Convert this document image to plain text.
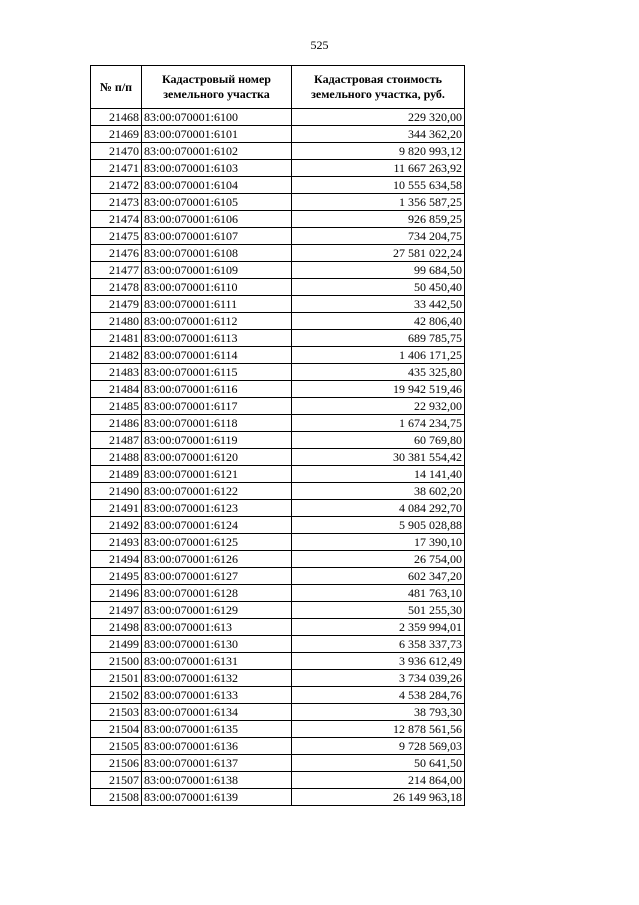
525
№ п/п	Кадастровый номер земельного участка	Кадастровая стоимость земельного участка, руб.
21468	83:00:070001:6100	229 320,00
21469	83:00:070001:6101	344 362,20
21470	83:00:070001:6102	9 820 993,12
21471	83:00:070001:6103	11 667 263,92
21472	83:00:070001:6104	10 555 634,58
21473	83:00:070001:6105	1 356 587,25
21474	83:00:070001:6106	926 859,25
21475	83:00:070001:6107	734 204,75
21476	83:00:070001:6108	27 581 022,24
21477	83:00:070001:6109	99 684,50
21478	83:00:070001:6110	50 450,40
21479	83:00:070001:6111	33 442,50
21480	83:00:070001:6112	42 806,40
21481	83:00:070001:6113	689 785,75
21482	83:00:070001:6114	1 406 171,25
21483	83:00:070001:6115	435 325,80
21484	83:00:070001:6116	19 942 519,46
21485	83:00:070001:6117	22 932,00
21486	83:00:070001:6118	1 674 234,75
21487	83:00:070001:6119	60 769,80
21488	83:00:070001:6120	30 381 554,42
21489	83:00:070001:6121	14 141,40
21490	83:00:070001:6122	38 602,20
21491	83:00:070001:6123	4 084 292,70
21492	83:00:070001:6124	5 905 028,88
21493	83:00:070001:6125	17 390,10
21494	83:00:070001:6126	26 754,00
21495	83:00:070001:6127	602 347,20
21496	83:00:070001:6128	481 763,10
21497	83:00:070001:6129	501 255,30
21498	83:00:070001:613	2 359 994,01
21499	83:00:070001:6130	6 358 337,73
21500	83:00:070001:6131	3 936 612,49
21501	83:00:070001:6132	3 734 039,26
21502	83:00:070001:6133	4 538 284,76
21503	83:00:070001:6134	38 793,30
21504	83:00:070001:6135	12 878 561,56
21505	83:00:070001:6136	9 728 569,03
21506	83:00:070001:6137	50 641,50
21507	83:00:070001:6138	214 864,00
21508	83:00:070001:6139	26 149 963,18
